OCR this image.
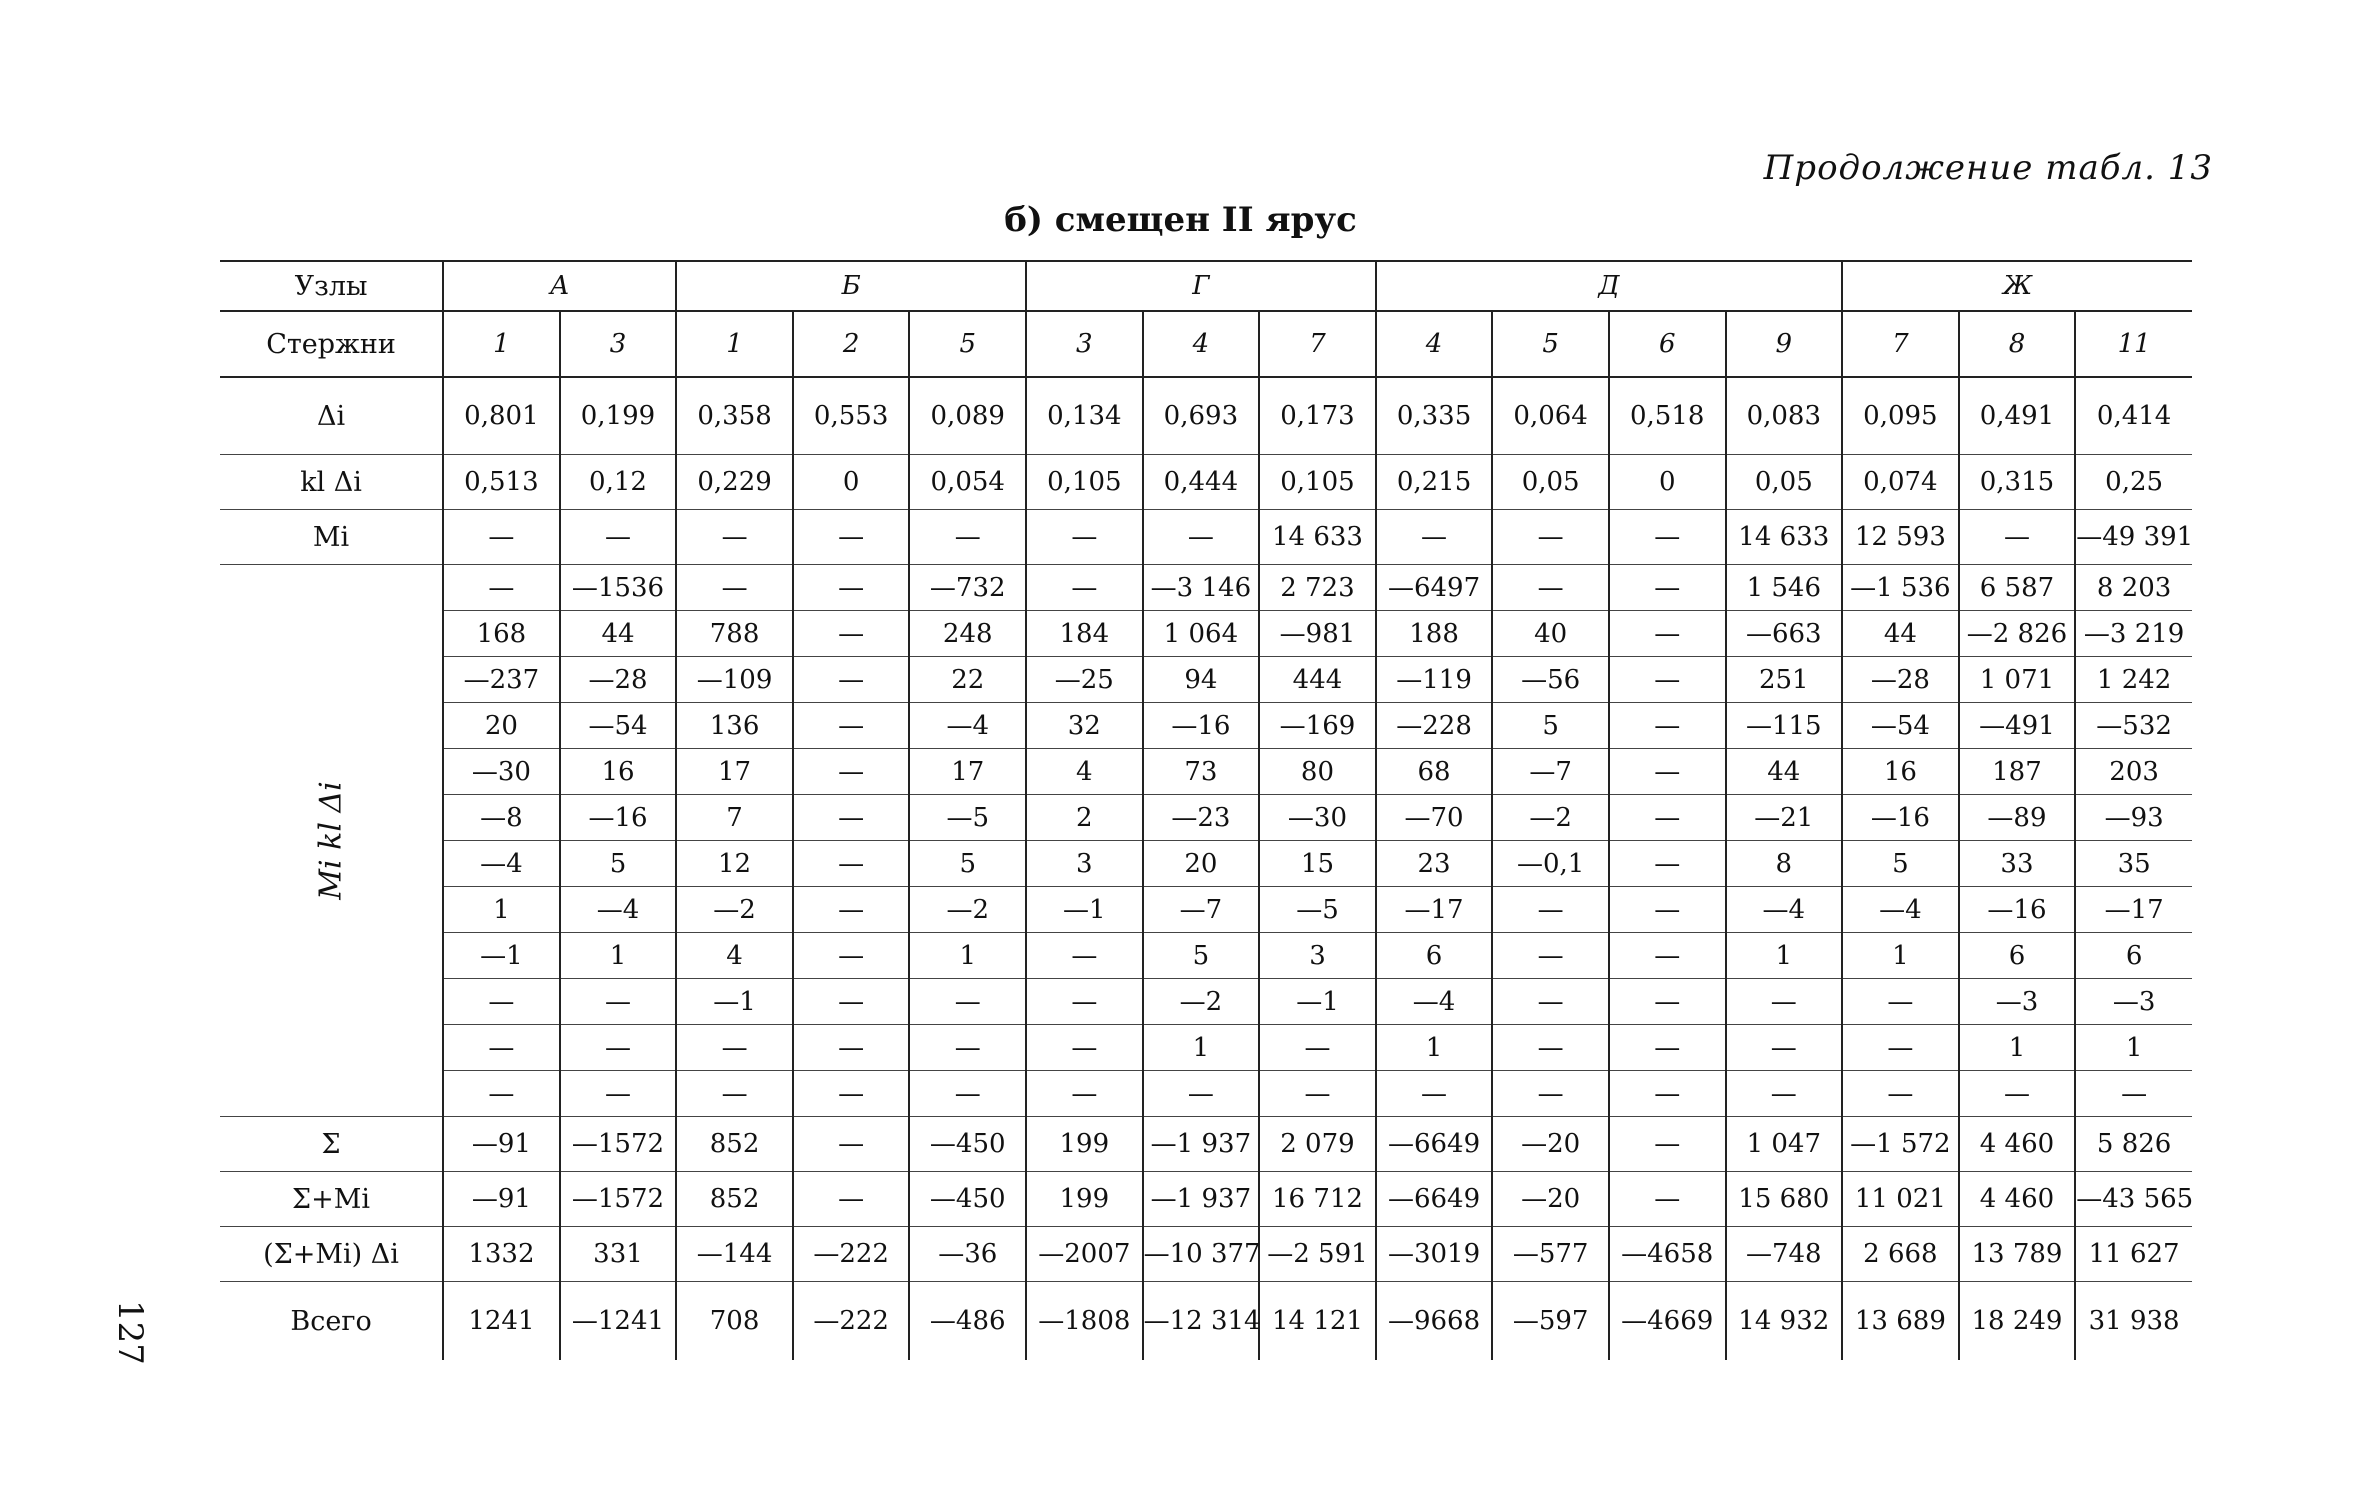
Продолжение табл. 13
б) смещен II ярус
127
Узлы	А		Б			Г			Д				Ж		
Стержни	1	3	1	2	5	3	4	7	4	5	6	9	7	8	11
Δi	0,801	0,199	0,358	0,553	0,089	0,134	0,693	0,173	0,335	0,064	0,518	0,083	0,095	0,491	0,414
kl Δi	0,513	0,12	0,229	0	0,054	0,105	0,444	0,105	0,215	0,05	0	0,05	0,074	0,315	0,25
Mi	—	—	—	—	—	—	—	14 633	—	—	—	14 633	12 593	—	—49 391
Mi kl Δi	—	—1536	—	—	—732	—	—3 146	2 723	—6497	—	—	1 546	—1 536	6 587	8 203
	168	44	788	—	248	184	1 064	—981	188	40	—	—663	44	—2 826	—3 219
	—237	—28	—109	—	22	—25	94	444	—119	—56	—	251	—28	1 071	1 242
	20	—54	136	—	—4	32	—16	—169	—228	5	—	—115	—54	—491	—532
	—30	16	17	—	17	4	73	80	68	—7	—	44	16	187	203
	—8	—16	7	—	—5	2	—23	—30	—70	—2	—	—21	—16	—89	—93
	—4	5	12	—	5	3	20	15	23	—0,1	—	8	5	33	35
	1	—4	—2	—	—2	—1	—7	—5	—17	—	—	—4	—4	—16	—17
	—1	1	4	—	1	—	5	3	6	—	—	1	1	6	6
	—	—	—1	—	—	—	—2	—1	—4	—	—	—	—	—3	—3
	—	—	—	—	—	—	1	—	1	—	—	—	—	1	1
	—	—	—	—	—	—	—	—	—	—	—	—	—	—	—
Σ	—91	—1572	852	—	—450	199	—1 937	2 079	—6649	—20	—	1 047	—1 572	4 460	5 826
Σ+Mi	—91	—1572	852	—	—450	199	—1 937	16 712	—6649	—20	—	15 680	11 021	4 460	—43 565
(Σ+Mi) Δi	1332	331	—144	—222	—36	—2007	—10 377	—2 591	—3019	—577	—4658	—748	2 668	13 789	11 627
Всего	1241	—1241	708	—222	—486	—1808	—12 314	14 121	—9668	—597	—4669	14 932	13 689	18 249	31 938
